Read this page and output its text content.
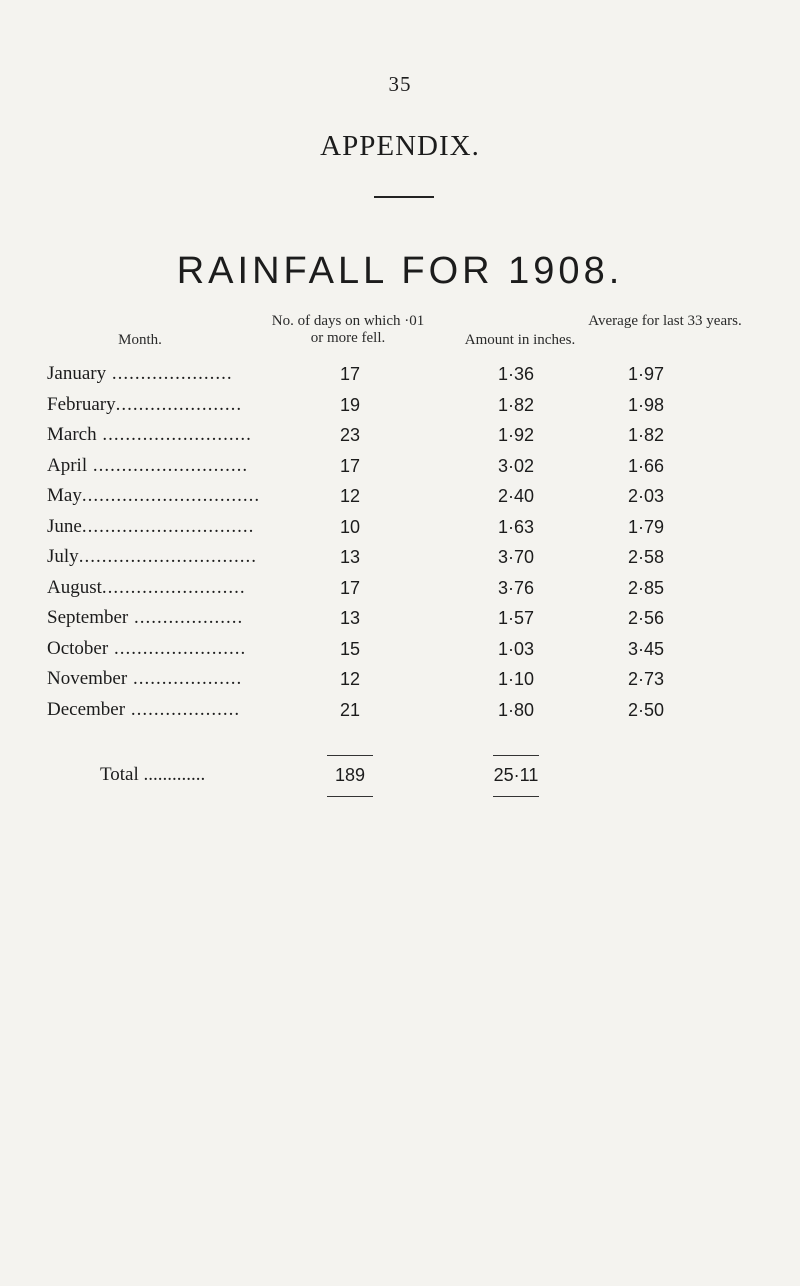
35
APPENDIX.
RAINFALL FOR 1908.
Month.
No. of days on which ·01 or more fell.	Amount in inches.
Average for last 33 years.
January .....................	17	1·36	1·97
February......................	19	1·82	1·98
March ..........................	23	1·92	1·82
April ...........................	17	3·02	1·66
May...............................	12	2·40	2·03
June..............................	10	1·63	1·79
July...............................	13	3·70	2·58
August.........................	17	3·76	2·85
September ...................	13	1·57	2·56
October .......................	15	1·03	3·45
November ...................	12	1·10	2·73
December ...................	21	1·80	2·50
Total .............	189	25·11
